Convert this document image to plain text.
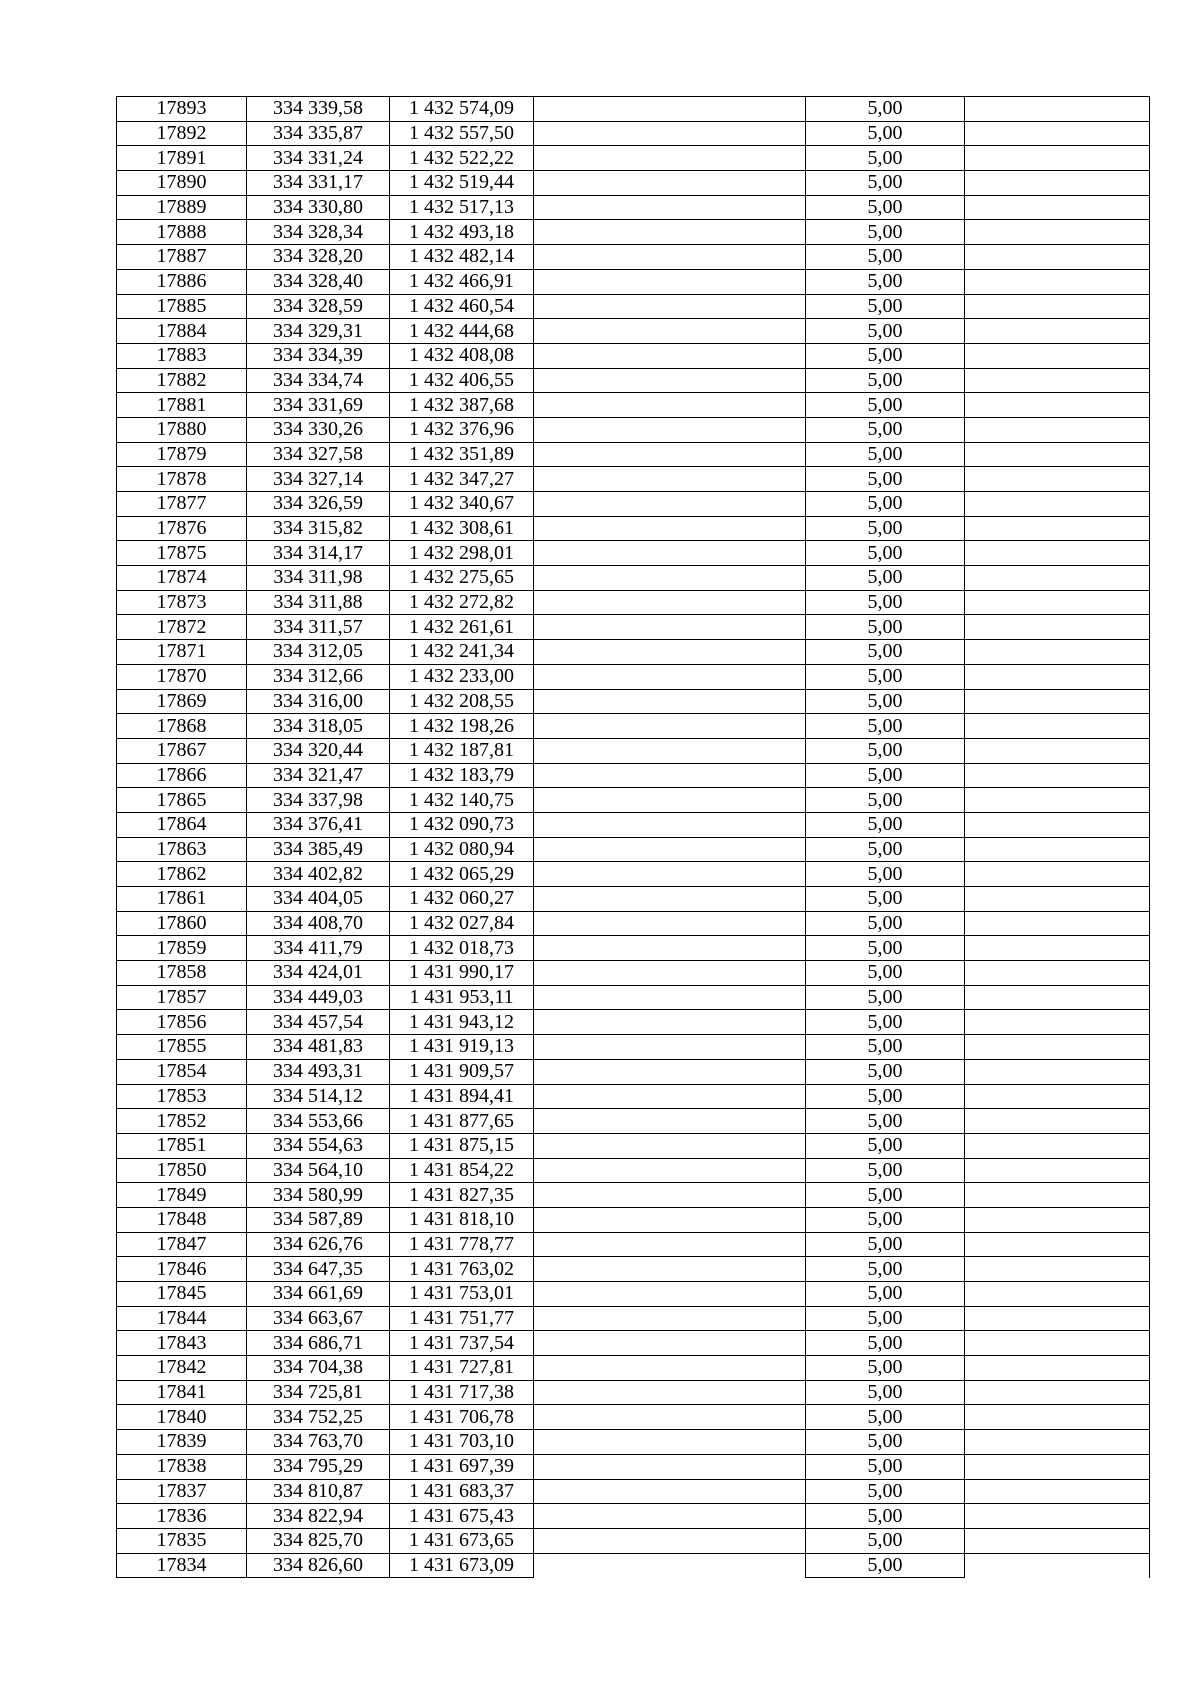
17893	334 339,58	1 432 574,09		5,00	
17892	334 335,87	1 432 557,50		5,00	
17891	334 331,24	1 432 522,22		5,00	
17890	334 331,17	1 432 519,44		5,00	
17889	334 330,80	1 432 517,13		5,00	
17888	334 328,34	1 432 493,18		5,00	
17887	334 328,20	1 432 482,14		5,00	
17886	334 328,40	1 432 466,91		5,00	
17885	334 328,59	1 432 460,54		5,00	
17884	334 329,31	1 432 444,68		5,00	
17883	334 334,39	1 432 408,08		5,00	
17882	334 334,74	1 432 406,55		5,00	
17881	334 331,69	1 432 387,68		5,00	
17880	334 330,26	1 432 376,96		5,00	
17879	334 327,58	1 432 351,89		5,00	
17878	334 327,14	1 432 347,27		5,00	
17877	334 326,59	1 432 340,67		5,00	
17876	334 315,82	1 432 308,61		5,00	
17875	334 314,17	1 432 298,01		5,00	
17874	334 311,98	1 432 275,65		5,00	
17873	334 311,88	1 432 272,82		5,00	
17872	334 311,57	1 432 261,61		5,00	
17871	334 312,05	1 432 241,34		5,00	
17870	334 312,66	1 432 233,00		5,00	
17869	334 316,00	1 432 208,55		5,00	
17868	334 318,05	1 432 198,26		5,00	
17867	334 320,44	1 432 187,81		5,00	
17866	334 321,47	1 432 183,79		5,00	
17865	334 337,98	1 432 140,75		5,00	
17864	334 376,41	1 432 090,73		5,00	
17863	334 385,49	1 432 080,94		5,00	
17862	334 402,82	1 432 065,29		5,00	
17861	334 404,05	1 432 060,27		5,00	
17860	334 408,70	1 432 027,84		5,00	
17859	334 411,79	1 432 018,73		5,00	
17858	334 424,01	1 431 990,17		5,00	
17857	334 449,03	1 431 953,11		5,00	
17856	334 457,54	1 431 943,12		5,00	
17855	334 481,83	1 431 919,13		5,00	
17854	334 493,31	1 431 909,57		5,00	
17853	334 514,12	1 431 894,41		5,00	
17852	334 553,66	1 431 877,65		5,00	
17851	334 554,63	1 431 875,15		5,00	
17850	334 564,10	1 431 854,22		5,00	
17849	334 580,99	1 431 827,35		5,00	
17848	334 587,89	1 431 818,10		5,00	
17847	334 626,76	1 431 778,77		5,00	
17846	334 647,35	1 431 763,02		5,00	
17845	334 661,69	1 431 753,01		5,00	
17844	334 663,67	1 431 751,77		5,00	
17843	334 686,71	1 431 737,54		5,00	
17842	334 704,38	1 431 727,81		5,00	
17841	334 725,81	1 431 717,38		5,00	
17840	334 752,25	1 431 706,78		5,00	
17839	334 763,70	1 431 703,10		5,00	
17838	334 795,29	1 431 697,39		5,00	
17837	334 810,87	1 431 683,37		5,00	
17836	334 822,94	1 431 675,43		5,00	
17835	334 825,70	1 431 673,65		5,00	
17834	334 826,60	1 431 673,09		5,00	
